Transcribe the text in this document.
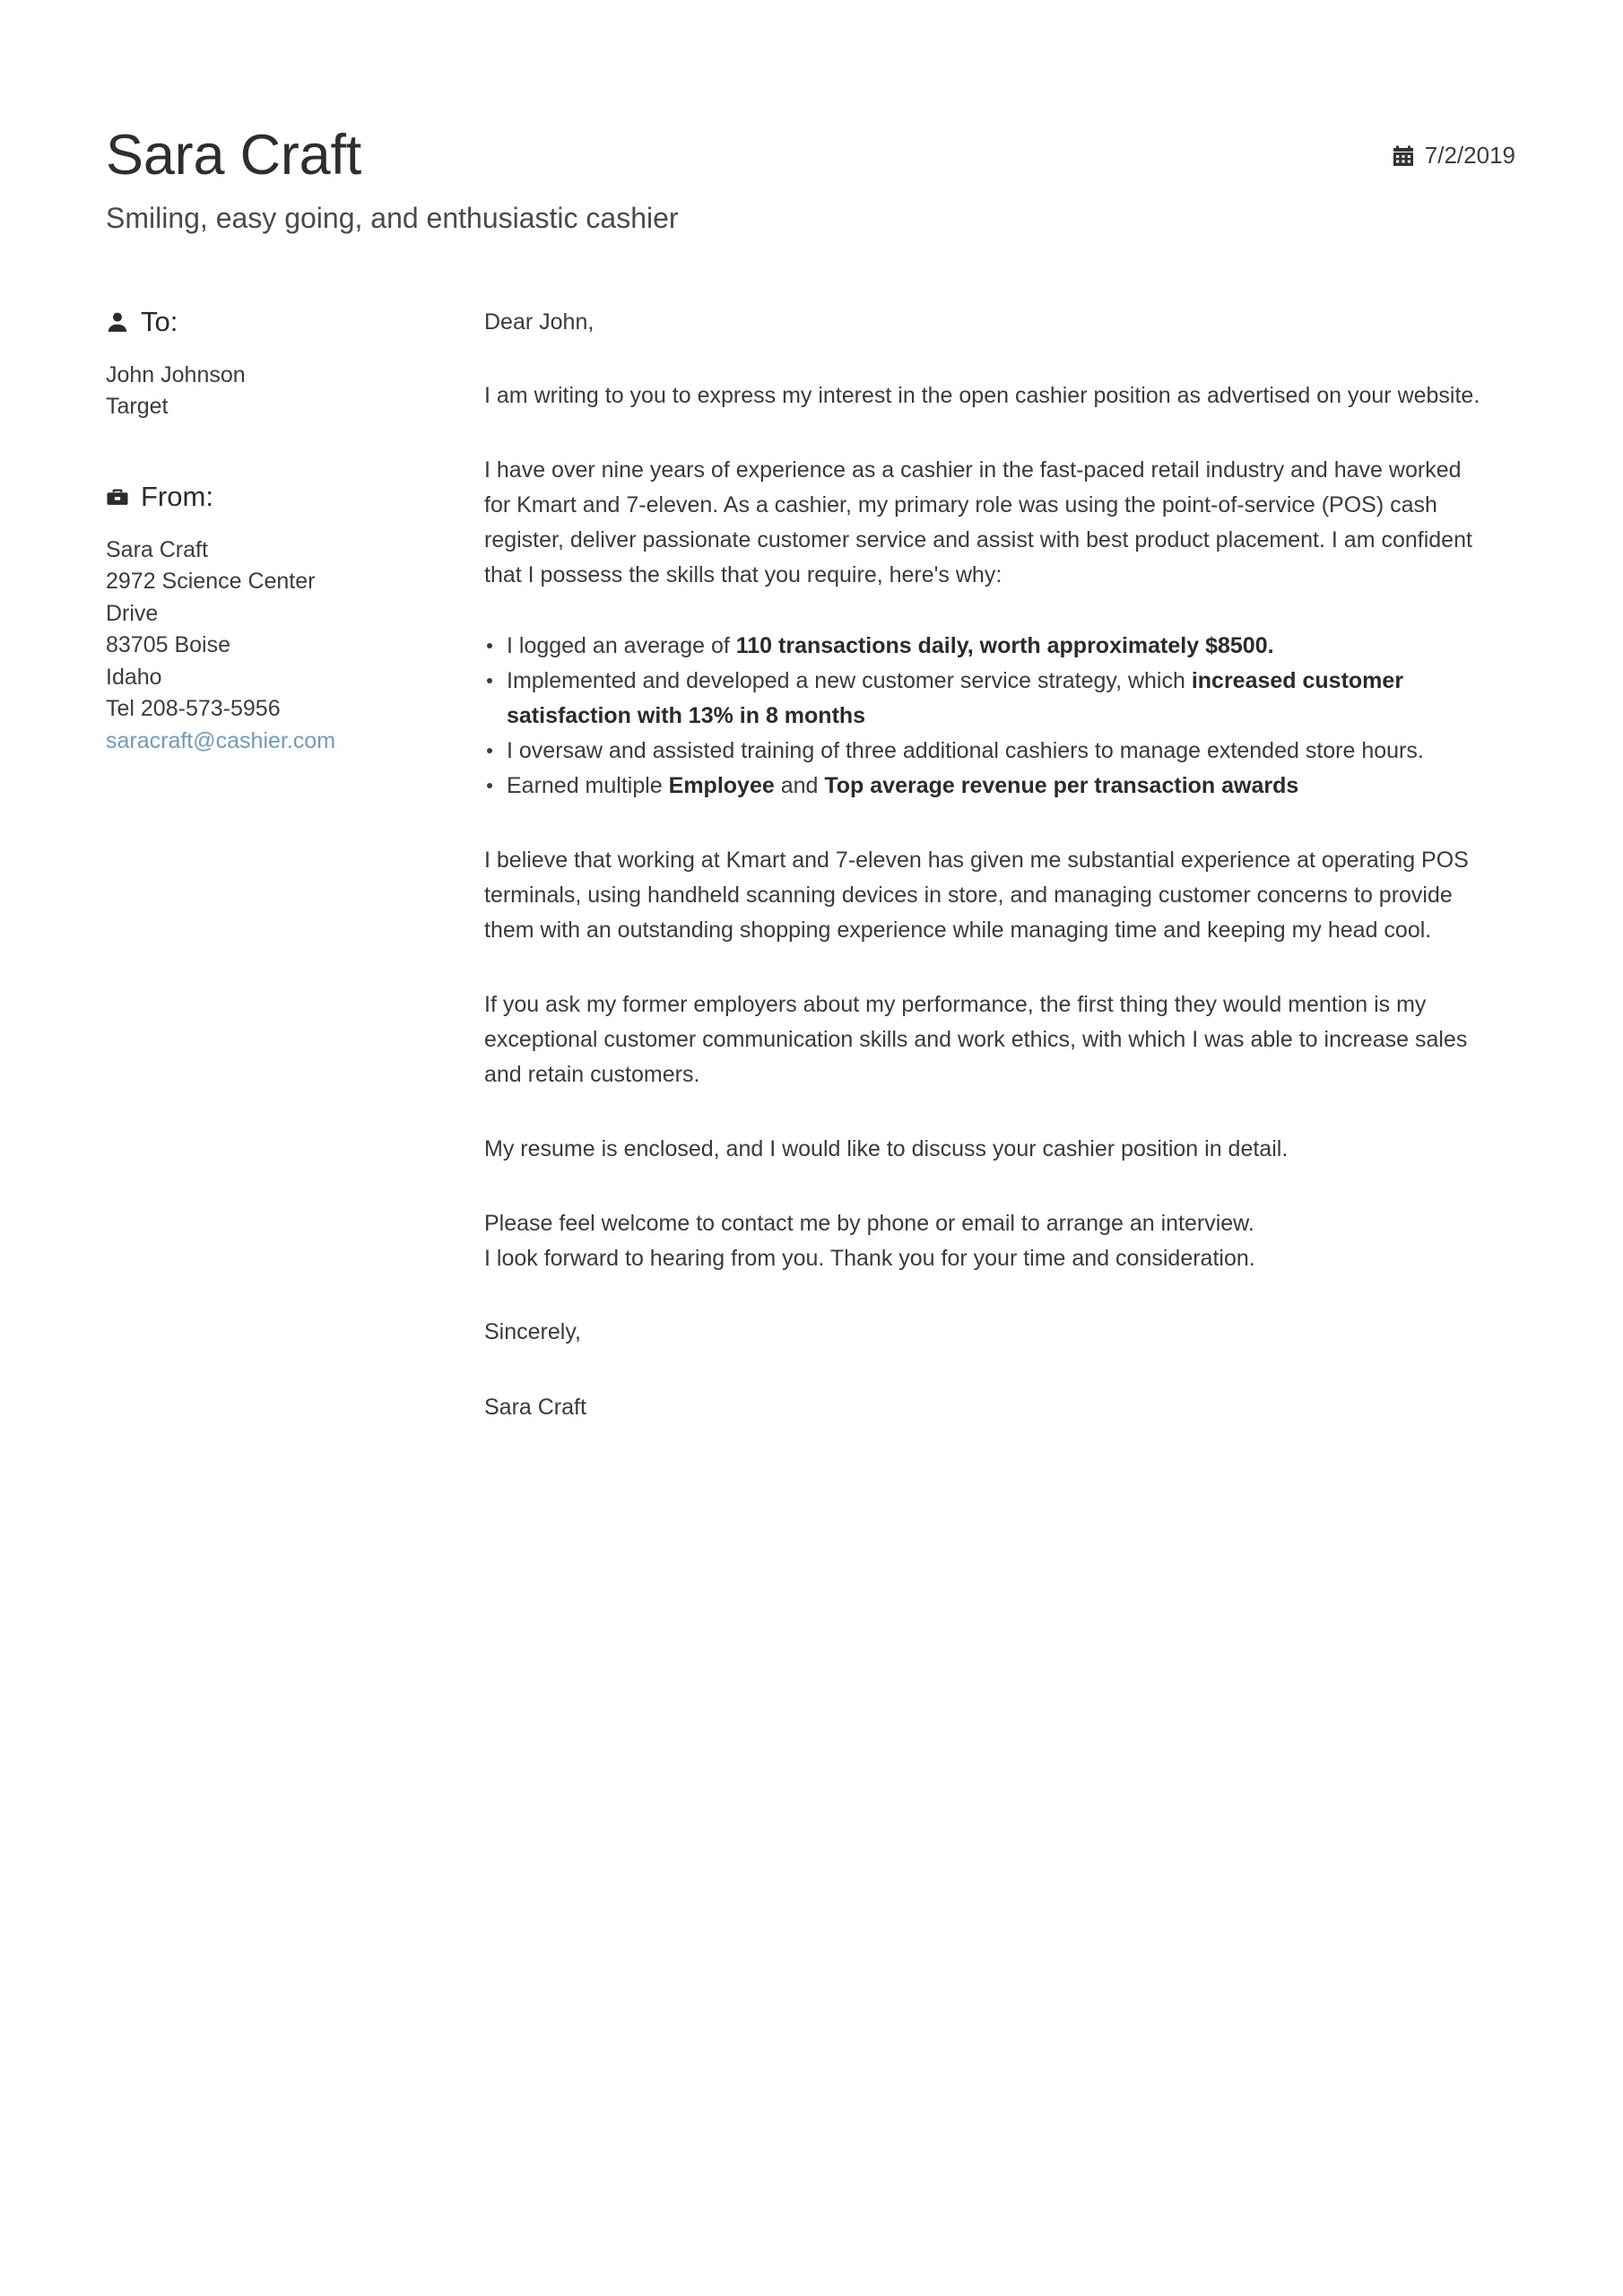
Sara Craft
Smiling, easy going, and enthusiastic cashier
7/2/2019
To:
John Johnson
Target
From:
Sara Craft
2972 Science Center
Drive
83705 Boise
Idaho
Tel 208-573-5956
saracraft@cashier.com

Dear John,

I am writing to you to express my interest in the open cashier position as advertised on your website.

I have over nine years of experience as a cashier in the fast-paced retail industry and have worked for Kmart and 7-eleven. As a cashier, my primary role was using the point-of-service (POS) cash register, deliver passionate customer service and assist with best product placement. I am confident that I possess the skills that you require, here's why:

I logged an average of 110 transactions daily, worth approximately $8500.
Implemented and developed a new customer service strategy, which increased customer satisfaction with 13% in 8 months
I oversaw and assisted training of three additional cashiers to manage extended store hours.
Earned multiple Employee and Top average revenue per transaction awards

I believe that working at Kmart and 7-eleven has given me substantial experience at operating POS terminals, using handheld scanning devices in store, and managing customer concerns to provide them with an outstanding shopping experience while managing time and keeping my head cool.

If you ask my former employers about my performance, the first thing they would mention is my exceptional customer communication skills and work ethics, with which I was able to increase sales and retain customers.

My resume is enclosed, and I would like to discuss your cashier position in detail.

Please feel welcome to contact me by phone or email to arrange an interview.

I look forward to hearing from you. Thank you for your time and consideration.

Sincerely,

Sara Craft
